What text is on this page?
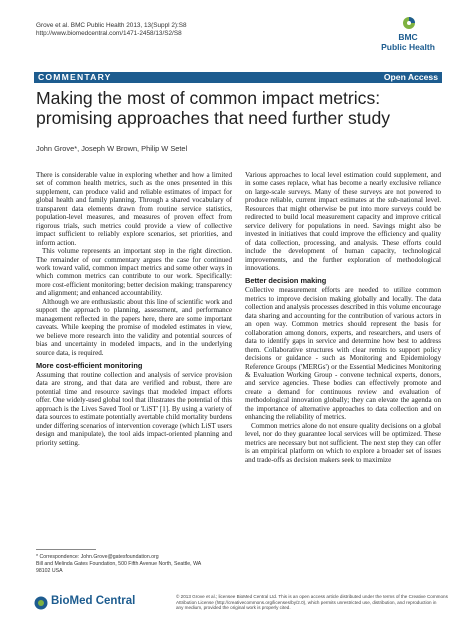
Grove et al. BMC Public Health 2013, 13(Suppl 2):S8
http://www.biomedcentral.com/1471-2458/13/S2/S8	BMC
Public Health
COMMENTARY	Open Access
Making the most of common impact metrics: promising approaches that need further study
John Grove*, Joseph W Brown, Philip W Setel

There is considerable value in exploring whether and how a limited set of common health metrics, such as the ones presented in this supplement, can produce valid and reliable estimates of impact for global health and family planning. Through a shared vocabulary of transparent data elements drawn from routine service statistics, population-level measures, and measures of proven effect from rigorous trials, such metrics could provide a view of collective impact sufficient to reliably explore scenarios, set priorities, and inform action.

This volume represents an important step in the right direction. The remainder of our commentary argues the case for continued work toward valid, common impact metrics and some other ways in which common metrics can contribute to our work. Specifically: more cost-efficient monitoring; better decision making; transparency and alignment; and enhanced accountability.

Although we are enthusiastic about this line of scientific work and support the approach to planning, assessment, and performance management reflected in the papers here, there are some important caveats. While keeping the promise of modeled estimates in view, we believe more research into the validity and potential sources of bias and uncertainty in modeled impacts, and in the underlying source data, is required.

More cost-efficient monitoring

Assuming that routine collection and analysis of service provision data are strong, and that data are verified and robust, there are potential time and resource savings that modeled impact efforts offer. One widely-used global tool that illustrates the potential of this approach is the Lives Saved Tool or 'LiST' [1]. By using a variety of data sources to estimate potentially avertable child mortality burdens under differing scenarios of intervention coverage (which LiST users design and manipulate), the tool aids impact-oriented planning and priority setting.

Various approaches to local level estimation could supplement, and in some cases replace, what has become a nearly exclusive reliance on large-scale surveys. Many of these surveys are not powered to produce reliable, current impact estimates at the sub-national level. Resources that might otherwise be put into more surveys could be redirected to build local measurement capacity and improve critical service delivery for populations in need. Savings might also be invested in initiatives that could improve the efficiency and quality of data collection, processing, and analysis. These efforts could include the development of human capacity, technological improvements, and the further exploration of methodological innovations.

Better decision making

Collective measurement efforts are needed to utilize common metrics to improve decision making globally and locally. The data collection and analysis processes described in this volume encourage data sharing and accounting for the contribution of various actors in an open way. Common metrics should represent the basis for collaboration among donors, experts, and researchers, and users of data to identify gaps in service and determine how best to address them. Collaborative structures with clear remits to support policy decisions or guidance - such as Monitoring and Epidemiology Reference Groups ('MERGs') or the Essential Medicines Monitoring & Evaluation Working Group - convene technical experts, donors, and service agencies. These bodies can effectively promote and create a demand for continuous review and evaluation of methodological innovation globally; they can elevate the agenda on the importance of alternative approaches to data collection and on enhancing the reliability of metrics.

Common metrics alone do not ensure quality decisions on a global level, nor do they guarantee local services will be optimized. These metrics are necessary but not sufficient. The next step they can offer is an empirical platform on which to explore a broader set of issues and trade-offs as decision makers seek to maximize

* Correspondence: John.Grove@gatesfoundation.org
Bill and Melinda Gates Foundation, 500 Fifth Avenue North, Seattle, WA
98102 USA
BioMed Central	© 2013 Grove et al.; licensee BioMed Central Ltd. This is an open access article distributed under the terms of the Creative Commons
Attribution License (http://creativecommons.org/licenses/by/2.0), which permits unrestricted use, distribution, and reproduction in
any medium, provided the original work is properly cited.
